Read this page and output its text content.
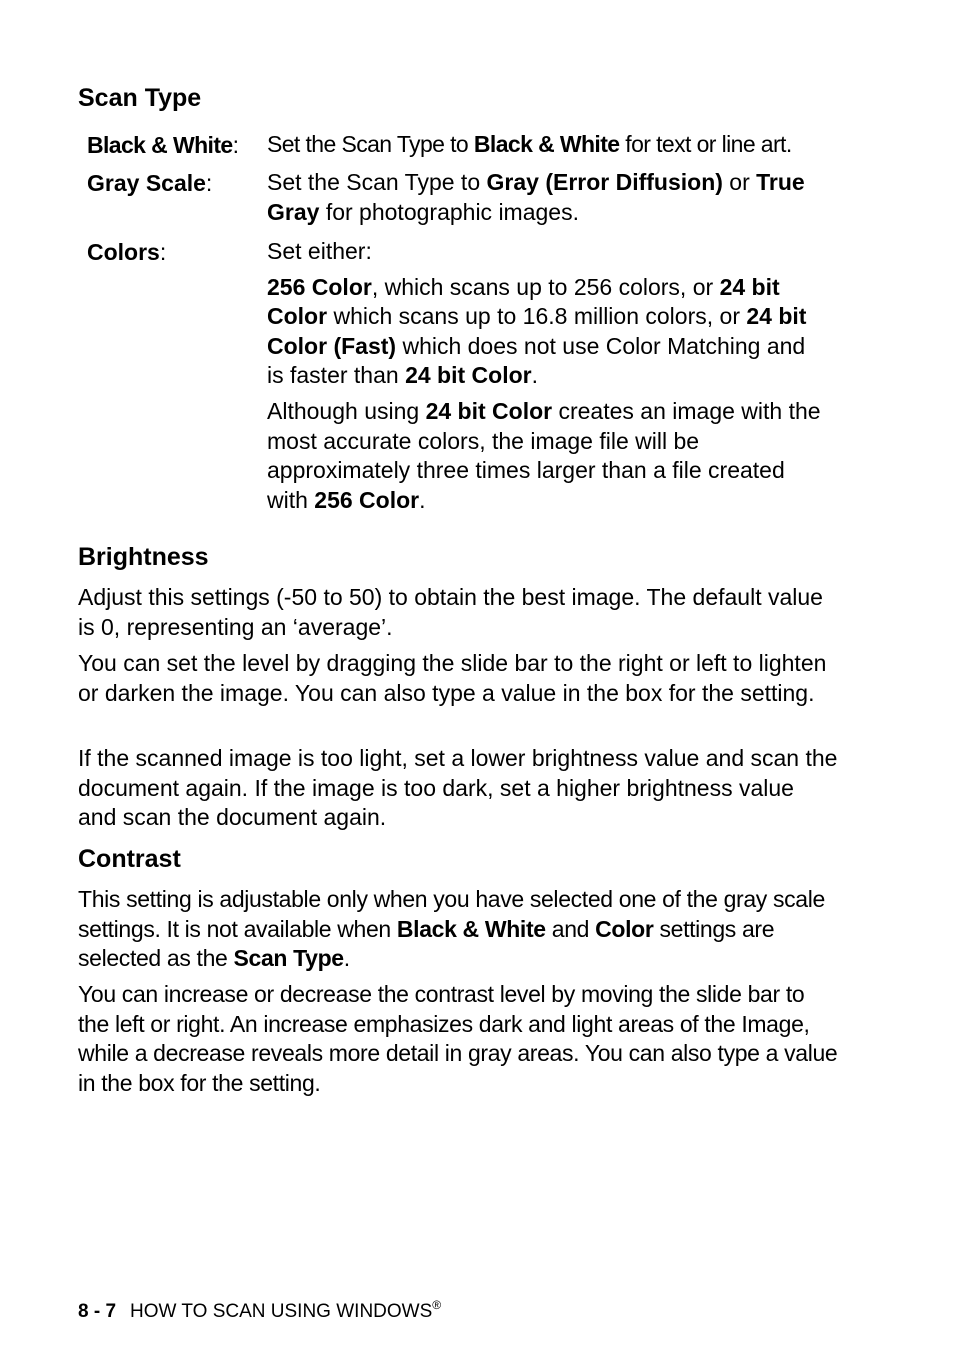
Scan Type
Black & White: Set the Scan Type to Black & White for text or line art.
Gray Scale: Set the Scan Type to Gray (Error Diffusion) or True Gray for photographic images.
Colors:	Set either:

256 Color, which scans up to 256 colors, or 24 bit Color which scans up to 16.8 million colors, or 24 bit Color (Fast) which does not use Color Matching and is faster than 24 bit Color.

Although using 24 bit Color creates an image with the most accurate colors, the image file will be approximately three times larger than a file created with 256 Color.

Brightness

Adjust this settings (-50 to 50) to obtain the best image. The default value is 0, representing an ‘average’.

You can set the level by dragging the slide bar to the right or left to lighten or darken the image. You can also type a value in the box for the setting.

If the scanned image is too light, set a lower brightness value and scan the document again. If the image is too dark, set a higher brightness value and scan the document again.

Contrast

This setting is adjustable only when you have selected one of the gray scale settings. It is not available when Black & White and Color settings are selected as the Scan Type.

You can increase or decrease the contrast level by moving the slide bar to the left or right. An increase emphasizes dark and light areas of the Image, while a decrease reveals more detail in gray areas. You can also type a value in the box for the setting.

8 - 7 HOW TO SCAN USING WINDOWS®
